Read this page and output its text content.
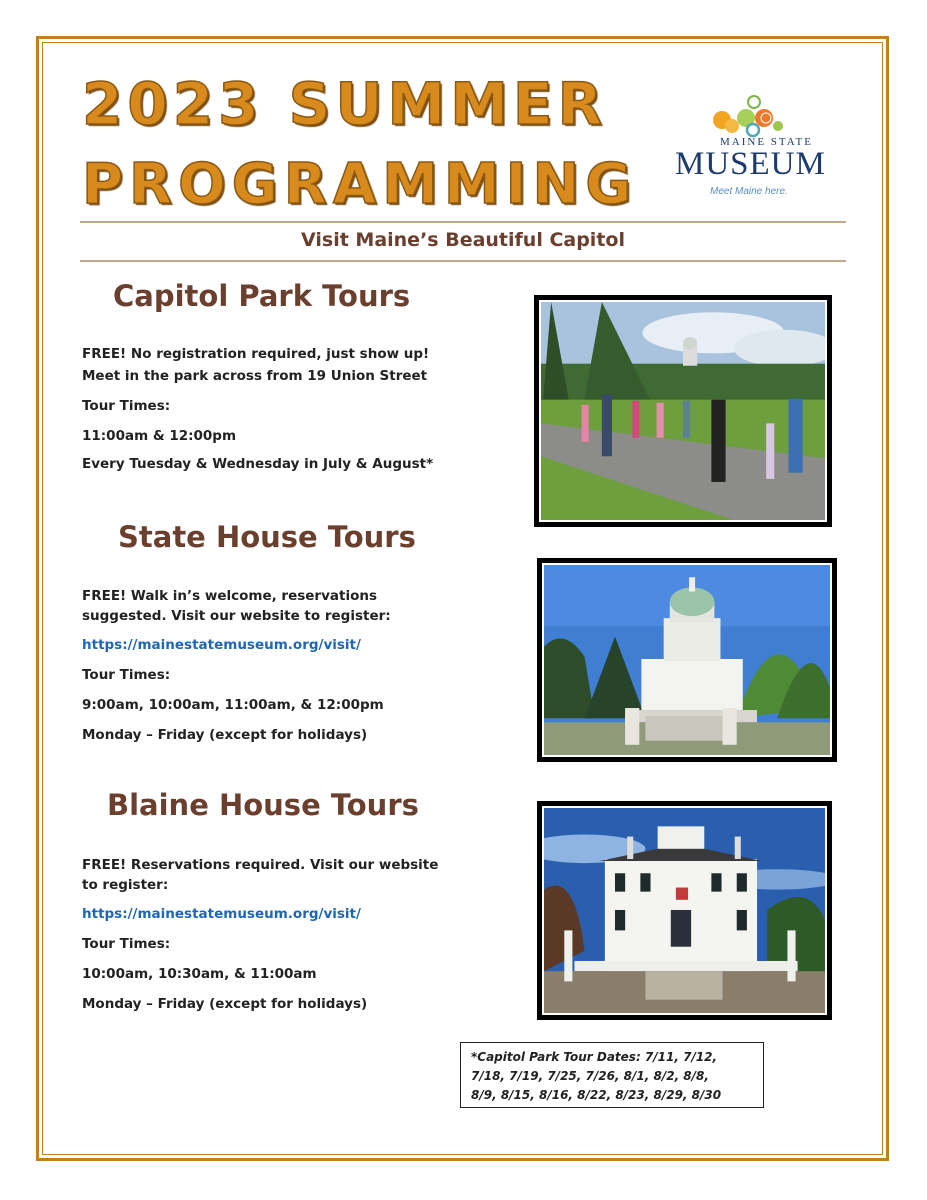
2023 SUMMER
PROGRAMMING
MAINE STATE
MUSEUM
Meet Maine here.
Visit Maine’s Beautiful Capitol
Capitol Park Tours
FREE! No registration required, just show up!
Meet in the park across from 19 Union Street
Tour Times:
11:00am & 12:00pm
Every Tuesday & Wednesday in July & August*
State House Tours
FREE! Walk in’s welcome, reservations
suggested. Visit our website to register:
https://mainestatemuseum.org/visit/
Tour Times:
9:00am, 10:00am, 11:00am, & 12:00pm
Monday – Friday (except for holidays)
Blaine House Tours
FREE! Reservations required. Visit our website
to register:
https://mainestatemuseum.org/visit/
Tour Times:
10:00am, 10:30am, & 11:00am
Monday – Friday (except for holidays)
*Capitol Park Tour Dates: 7/11, 7/12,
7/18, 7/19, 7/25, 7/26, 8/1, 8/2, 8/8,
8/9, 8/15, 8/16, 8/22, 8/23, 8/29, 8/30
